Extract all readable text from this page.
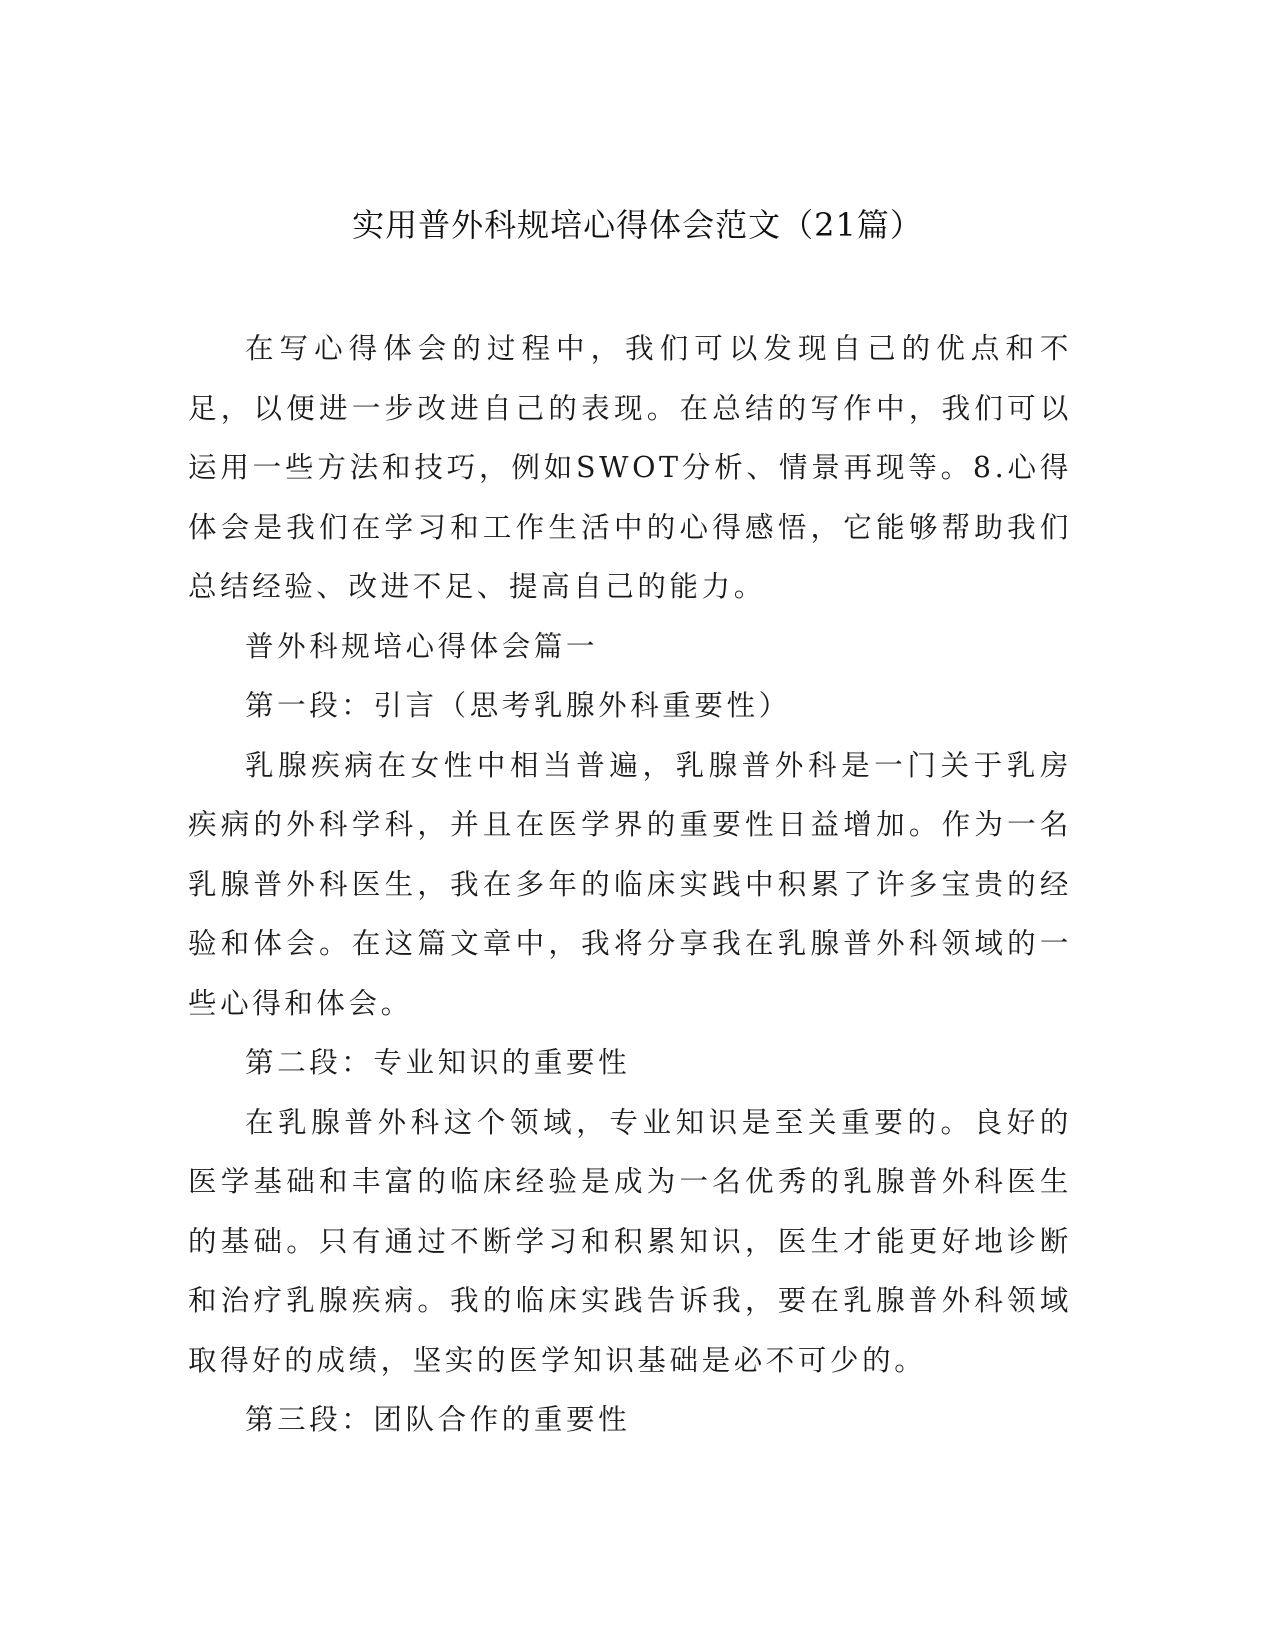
实用普外科规培心得体会范文（21篇）

在写心得体会的过程中，我们可以发现自己的优点和不足，以便进一步改进自己的表现。在总结的写作中，我们可以运用一些方法和技巧，例如SWOT分析、情景再现等。8.心得体会是我们在学习和工作生活中的心得感悟，它能够帮助我们总结经验、改进不足、提高自己的能力。

普外科规培心得体会篇一

第一段：引言（思考乳腺外科重要性）

乳腺疾病在女性中相当普遍，乳腺普外科是一门关于乳房疾病的外科学科，并且在医学界的重要性日益增加。作为一名乳腺普外科医生，我在多年的临床实践中积累了许多宝贵的经验和体会。在这篇文章中，我将分享我在乳腺普外科领域的一些心得和体会。

第二段：专业知识的重要性

在乳腺普外科这个领域，专业知识是至关重要的。良好的医学基础和丰富的临床经验是成为一名优秀的乳腺普外科医生的基础。只有通过不断学习和积累知识，医生才能更好地诊断和治疗乳腺疾病。我的临床实践告诉我，要在乳腺普外科领域取得好的成绩，坚实的医学知识基础是必不可少的。

第三段：团队合作的重要性
